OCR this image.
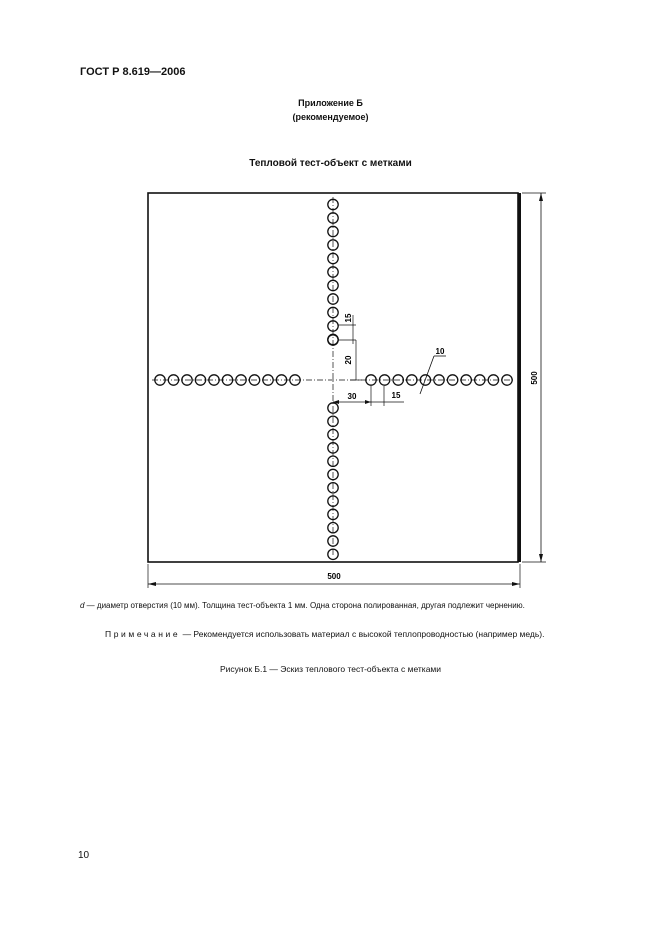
ГОСТ Р 8.619—2006
Приложение Б
(рекомендуемое)
Тепловой тест-объект с метками
15
20
30	15
10
500
500
d — диаметр отверстия (10 мм). Толщина тест-объекта 1 мм. Одна сторона полированная, другая подлежит чернению.
Примечание — Рекомендуется использовать материал с высокой теплопроводностью (например медь).
Рисунок Б.1 — Эскиз теплового тест-объекта с метками
10
